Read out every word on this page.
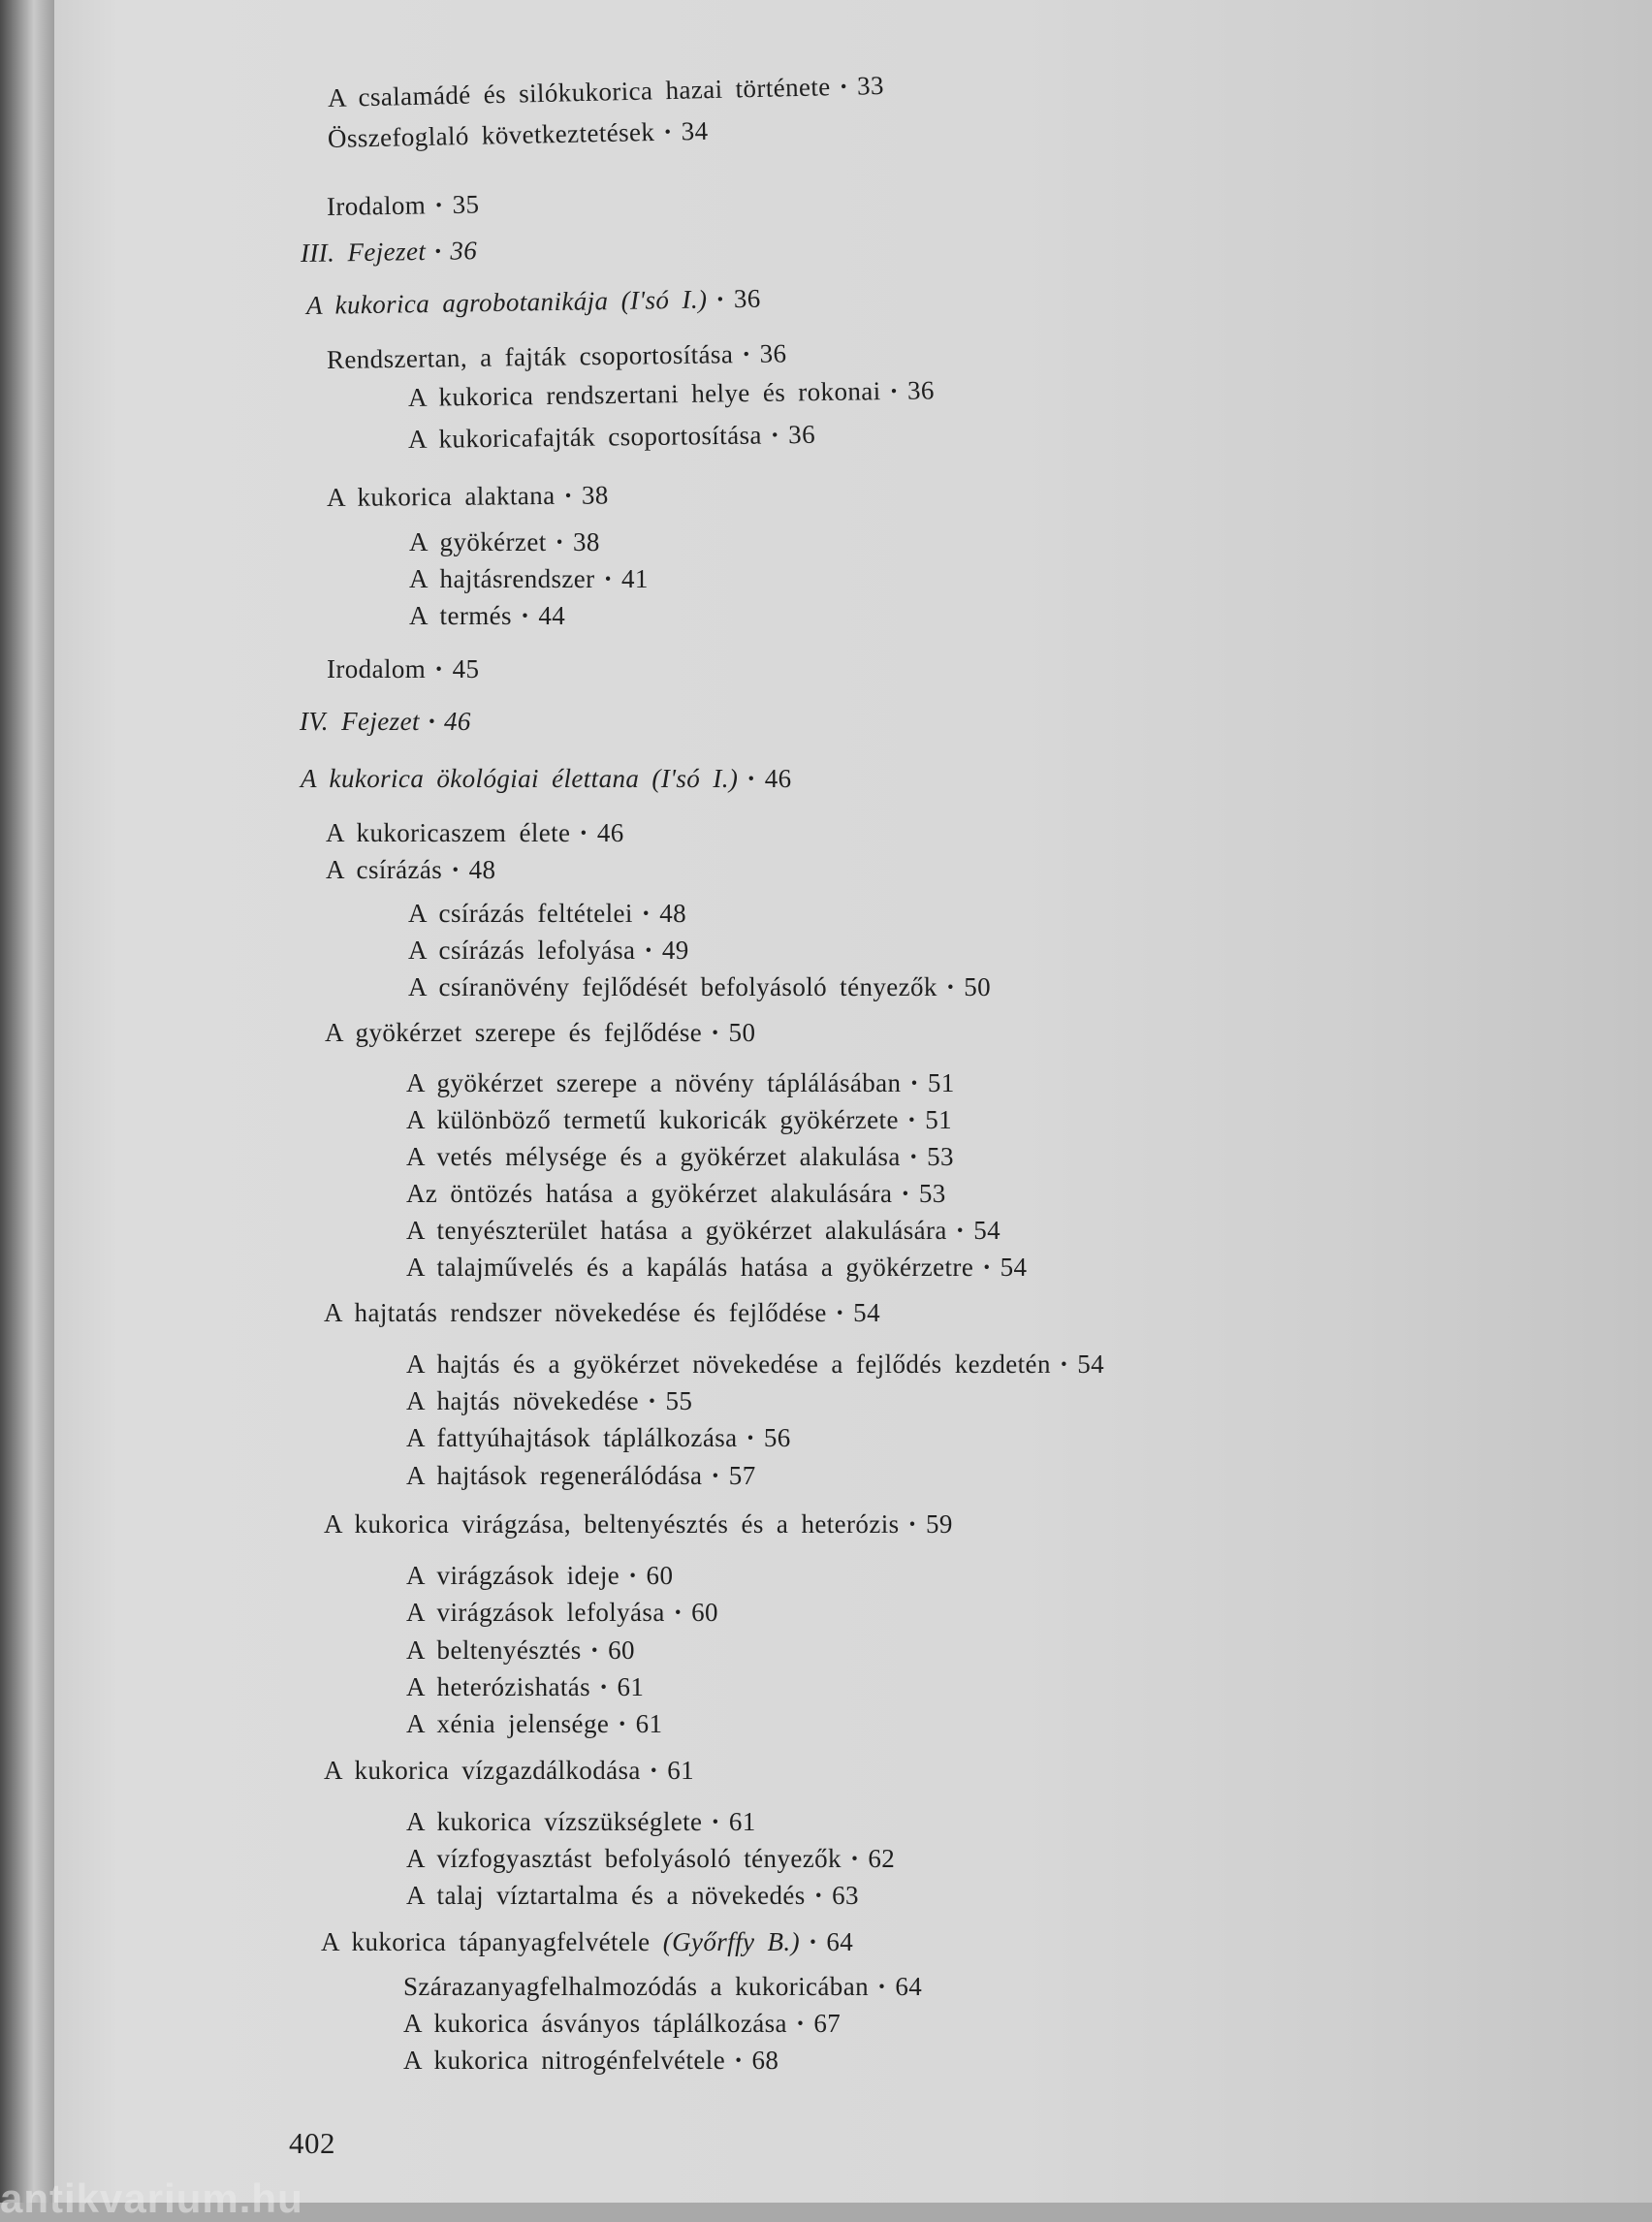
A csalamádé és silókukorica hazai története · 33
Összefoglaló következtetések · 34
Irodalom · 35
III. Fejezet · 36
A kukorica agrobotanikája (I'só I.) · 36
Rendszertan, a fajták csoportosítása · 36
A kukorica rendszertani helye és rokonai · 36
A kukoricafajták csoportosítása · 36
A kukorica alaktana · 38
A gyökérzet · 38
A hajtásrendszer · 41
A termés · 44
Irodalom · 45
IV. Fejezet · 46
A kukorica ökológiai élettana (I'só I.) · 46
A kukoricaszem élete · 46
A csírázás · 48
A csírázás feltételei · 48
A csírázás lefolyása · 49
A csíranövény fejlődését befolyásoló tényezők · 50
A gyökérzet szerepe és fejlődése · 50
A gyökérzet szerepe a növény táplálásában · 51
A különböző termetű kukoricák gyökérzete · 51
A vetés mélysége és a gyökérzet alakulása · 53
Az öntözés hatása a gyökérzet alakulására · 53
A tenyészterület hatása a gyökérzet alakulására · 54
A talajművelés és a kapálás hatása a gyökérzetre · 54
A hajtatás rendszer növekedése és fejlődése · 54
A hajtás és a gyökérzet növekedése a fejlődés kezdetén · 54
A hajtás növekedése · 55
A fattyúhajtások táplálkozása · 56
A hajtások regenerálódása · 57
A kukorica virágzása, beltenyésztés és a heterózis · 59
A virágzások ideje · 60
A virágzások lefolyása · 60
A beltenyésztés · 60
A heterózishatás · 61
A xénia jelensége · 61
A kukorica vízgazdálkodása · 61
A kukorica vízszükséglete · 61
A vízfogyasztást befolyásoló tényezők · 62
A talaj víztartalma és a növekedés · 63
A kukorica tápanyagfelvétele (Győrffy B.) · 64
Szárazanyagfelhalmozódás a kukoricában · 64
A kukorica ásványos táplálkozása · 67
A kukorica nitrogénfelvétele · 68
402
antikvarium.hu
